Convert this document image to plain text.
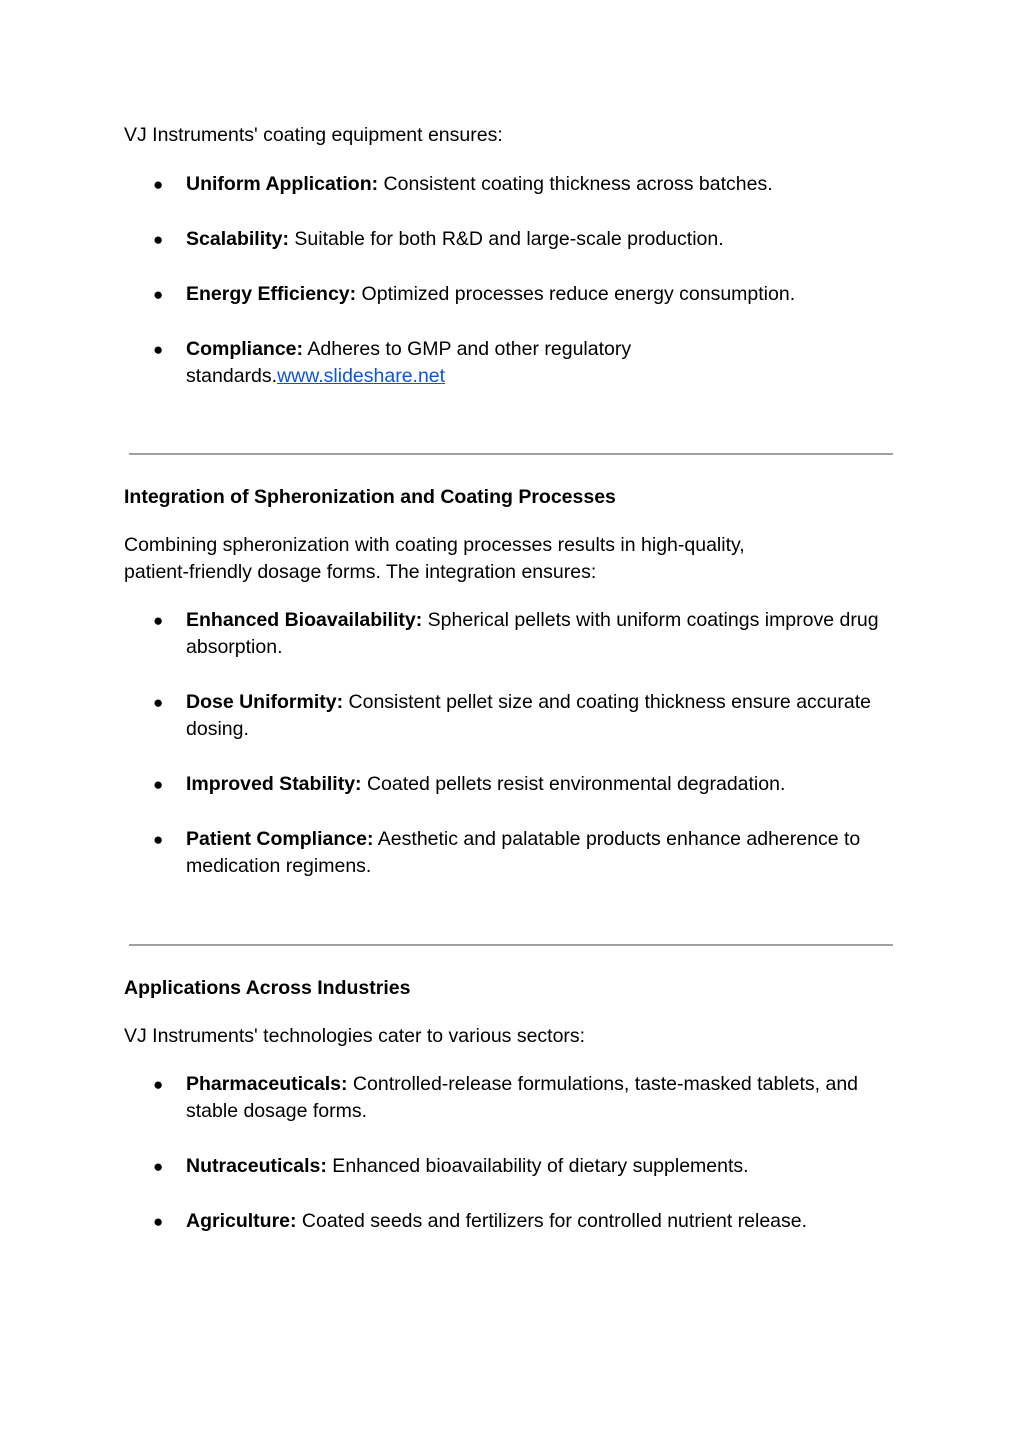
VJ Instruments' coating equipment ensures:

● Uniform Application: Consistent coating thickness across batches.
● Scalability: Suitable for both R&D and large-scale production.
● Energy Efficiency: Optimized processes reduce energy consumption.
● Compliance: Adheres to GMP and other regulatory standards.www.slideshare.net
Integration of Spheronization and Coating Processes

Combining spheronization with coating processes results in high-quality, patient-friendly dosage forms. The integration ensures:

● Enhanced Bioavailability: Spherical pellets with uniform coatings improve drug absorption.
● Dose Uniformity: Consistent pellet size and coating thickness ensure accurate dosing.
● Improved Stability: Coated pellets resist environmental degradation.
● Patient Compliance: Aesthetic and palatable products enhance adherence to medication regimens.
Applications Across Industries

VJ Instruments' technologies cater to various sectors:

● Pharmaceuticals: Controlled-release formulations, taste-masked tablets, and stable dosage forms.
● Nutraceuticals: Enhanced bioavailability of dietary supplements.
● Agriculture: Coated seeds and fertilizers for controlled nutrient release.
